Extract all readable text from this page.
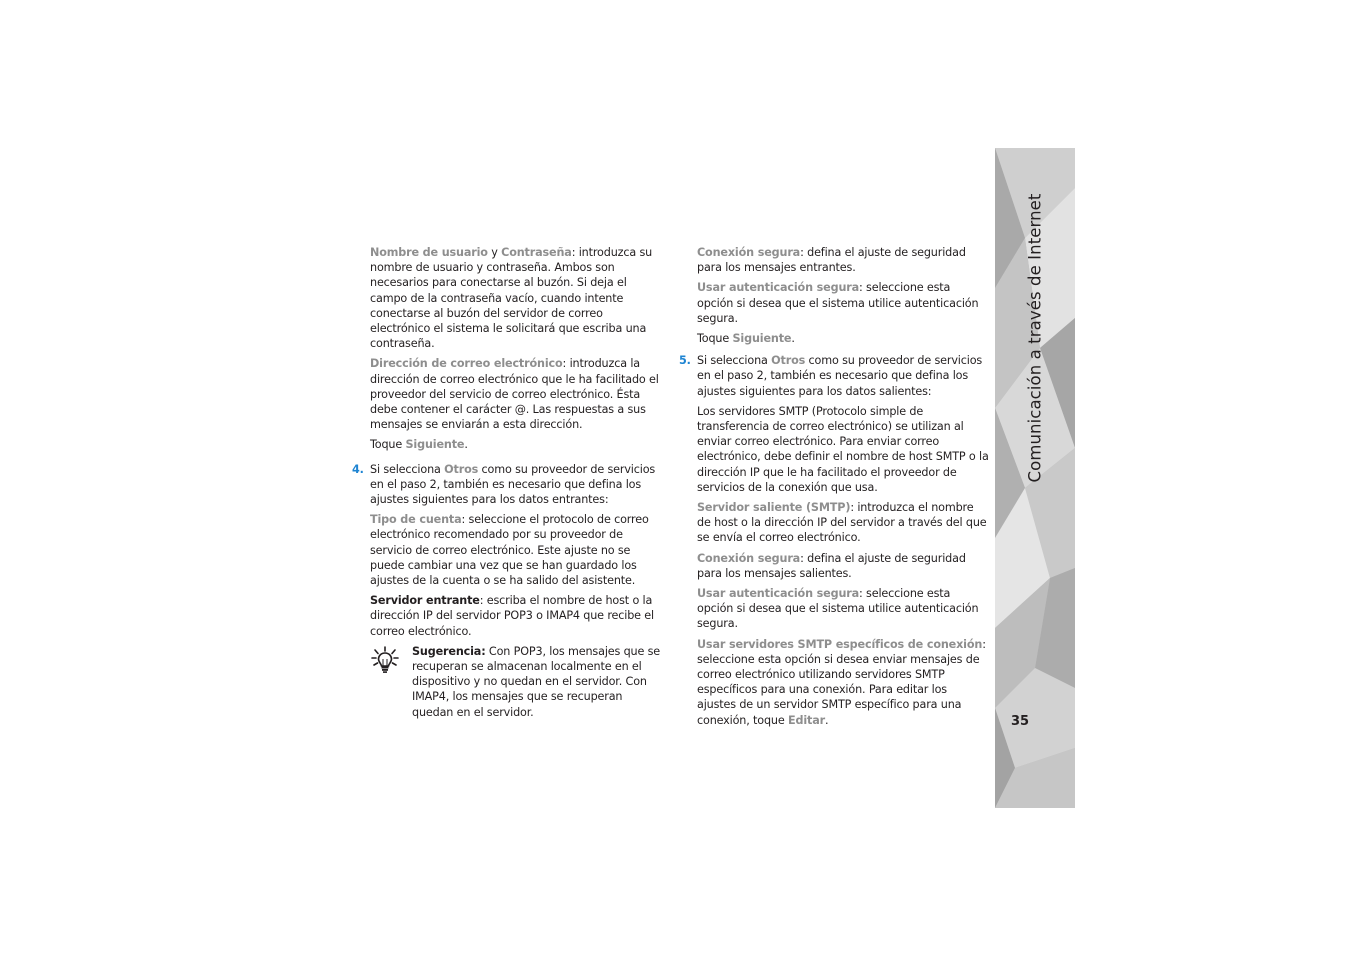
Nombre de usuario y Contraseña: introduzca su nombre de usuario y contraseña. Ambos son necesarios para conectarse al buzón. Si deja el campo de la contraseña vacío, cuando intente conectarse al buzón del servidor de correo electrónico el sistema le solicitará que escriba una contraseña.

Dirección de correo electrónico: introduzca la dirección de correo electrónico que le ha facilitado el proveedor del servicio de correo electrónico. Ésta debe contener el carácter @. Las respuestas a sus mensajes se enviarán a esta dirección.

Toque Siguiente.

4. Si selecciona Otros como su proveedor de servicios en el paso 2, también es necesario que defina los ajustes siguientes para los datos entrantes:

Tipo de cuenta: seleccione el protocolo de correo electrónico recomendado por su proveedor de servicio de correo electrónico. Este ajuste no se puede cambiar una vez que se han guardado los ajustes de la cuenta o se ha salido del asistente.

Servidor entrante: escriba el nombre de host o la dirección IP del servidor POP3 o IMAP4 que recibe el correo electrónico.

Sugerencia: Con POP3, los mensajes que se recuperan se almacenan localmente en el dispositivo y no quedan en el servidor. Con IMAP4, los mensajes que se recuperan quedan en el servidor.

Conexión segura: defina el ajuste de seguridad para los mensajes entrantes.

Usar autenticación segura: seleccione esta opción si desea que el sistema utilice autenticación segura.

Toque Siguiente.

5. Si selecciona Otros como su proveedor de servicios en el paso 2, también es necesario que defina los ajustes siguientes para los datos salientes:

Los servidores SMTP (Protocolo simple de transferencia de correo electrónico) se utilizan al enviar correo electrónico. Para enviar correo electrónico, debe definir el nombre de host SMTP o la dirección IP que le ha facilitado el proveedor de servicios de la conexión que usa.

Servidor saliente (SMTP): introduzca el nombre de host o la dirección IP del servidor a través del que se envía el correo electrónico.

Conexión segura: defina el ajuste de seguridad para los mensajes salientes.

Usar autenticación segura: seleccione esta opción si desea que el sistema utilice autenticación segura.

Usar servidores SMTP específicos de conexión: seleccione esta opción si desea enviar mensajes de correo electrónico utilizando servidores SMTP específicos para una conexión. Para editar los ajustes de un servidor SMTP específico para una conexión, toque Editar.

Comunicación a través de Internet
35
